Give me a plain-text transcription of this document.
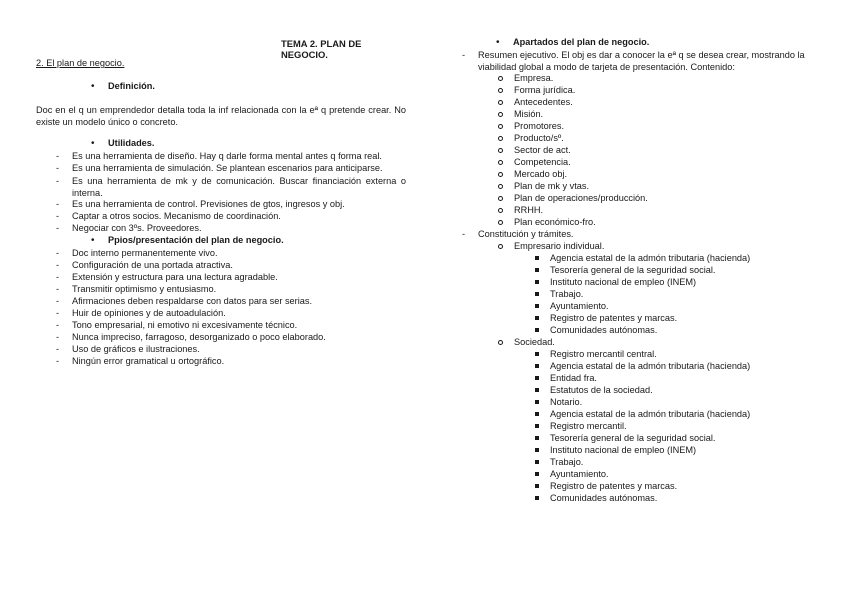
TEMA 2. PLAN DE NEGOCIO.
2. El plan de negocio.
• Definición.
Doc en el q un emprendedor detalla toda la inf relacionada con la eª q pretende crear. No existe un modelo único o concreto.
• Utilidades.
- Es una herramienta de diseño. Hay q darle forma mental antes q forma real.
- Es una herramienta de simulación. Se plantean escenarios para anticiparse.
- Es una herramienta de mk y de comunicación. Buscar financiación externa o interna.
- Es una herramienta de control. Previsiones de gtos, ingresos y obj.
- Captar a otros socios. Mecanismo de coordinación.
- Negociar con 3ºs. Proveedores.
• Ppios/presentación del plan de negocio.
- Doc interno permanentemente vivo.
- Configuración de una portada atractiva.
- Extensión y estructura para una lectura agradable.
- Transmitir optimismo y entusiasmo.
- Afirmaciones deben respaldarse con datos para ser serias.
- Huir de opiniones y de autoadulación.
- Tono empresarial, ni emotivo ni excesivamente técnico.
- Nunca impreciso, farragoso, desorganizado o poco elaborado.
- Uso de gráficos e ilustraciones.
- Ningún error gramatical u ortográfico.
• Apartados del plan de negocio.
- Resumen ejecutivo. El obj es dar a conocer la eª q se desea crear, mostrando la viabilidad global a modo de tarjeta de presentación. Contenido:
Empresa.
Forma jurídica.
Antecedentes.
Misión.
Promotores.
Producto/sº.
Sector de act.
Competencia.
Mercado obj.
Plan de mk y vtas.
Plan de operaciones/producción.
RRHH.
Plan económico-fro.
- Constitución y trámites.
Empresario individual.
Agencia estatal de la admón tributaria (hacienda)
Tesorería general de la seguridad social.
Instituto nacional de empleo (INEM)
Trabajo.
Ayuntamiento.
Registro de patentes y marcas.
Comunidades autónomas.
Sociedad.
Registro mercantil central.
Agencia estatal de la admón tributaria (hacienda)
Entidad fra.
Estatutos de la sociedad.
Notario.
Agencia estatal de la admón tributaria (hacienda)
Registro mercantil.
Tesorería general de la seguridad social.
Instituto nacional de empleo (INEM)
Trabajo.
Ayuntamiento.
Registro de patentes y marcas.
Comunidades autónomas.
